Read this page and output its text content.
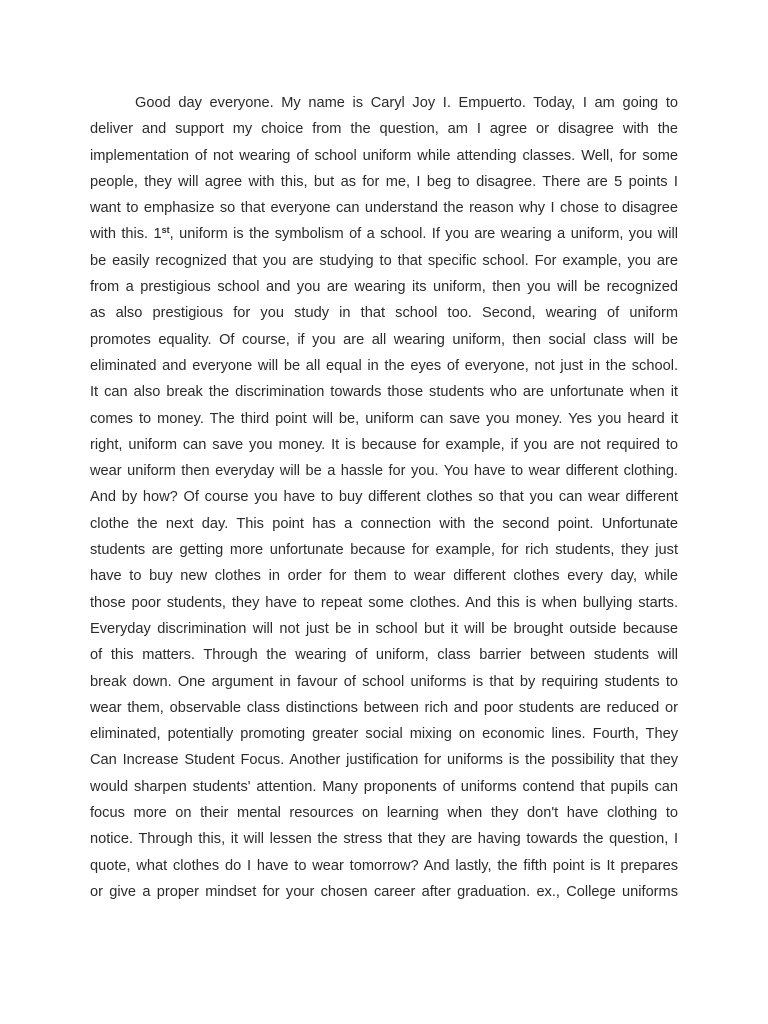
Good day everyone. My name is Caryl Joy I. Empuerto. Today, I am going to
deliver and support my choice from the question, am I agree or disagree with the
implementation of not wearing of school uniform while attending classes. Well, for some
people, they will agree with this, but as for me, I beg to disagree. There are 5 points I
want to emphasize so that everyone can understand the reason why I chose to disagree
with this. 1st, uniform is the symbolism of a school. If you are wearing a uniform, you will
be easily recognized that you are studying to that specific school. For example, you are
from a prestigious school and you are wearing its uniform, then you will be recognized
as also prestigious for you study in that school too. Second, wearing of uniform
promotes equality. Of course, if you are all wearing uniform, then social class will be
eliminated and everyone will be all equal in the eyes of everyone, not just in the school.
It can also break the discrimination towards those students who are unfortunate when it
comes to money. The third point will be, uniform can save you money. Yes you heard it
right, uniform can save you money. It is because for example, if you are not required to
wear uniform then everyday will be a hassle for you. You have to wear different clothing.
And by how? Of course you have to buy different clothes so that you can wear different
clothe the next day. This point has a connection with the second point. Unfortunate
students are getting more unfortunate because for example, for rich students, they just
have to buy new clothes in order for them to wear different clothes every day, while
those poor students, they have to repeat some clothes. And this is when bullying starts.
Everyday discrimination will not just be in school but it will be brought outside because
of this matters. Through the wearing of uniform, class barrier between students will
break down. One argument in favour of school uniforms is that by requiring students to
wear them, observable class distinctions between rich and poor students are reduced or
eliminated, potentially promoting greater social mixing on economic lines. Fourth, They
Can Increase Student Focus. Another justification for uniforms is the possibility that they
would sharpen students' attention. Many proponents of uniforms contend that pupils can
focus more on their mental resources on learning when they don't have clothing to
notice. Through this, it will lessen the stress that they are having towards the question, I
quote, what clothes do I have to wear tomorrow? And lastly, the fifth point is It prepares
or give a proper mindset for your chosen career after graduation. ex., College uniforms
